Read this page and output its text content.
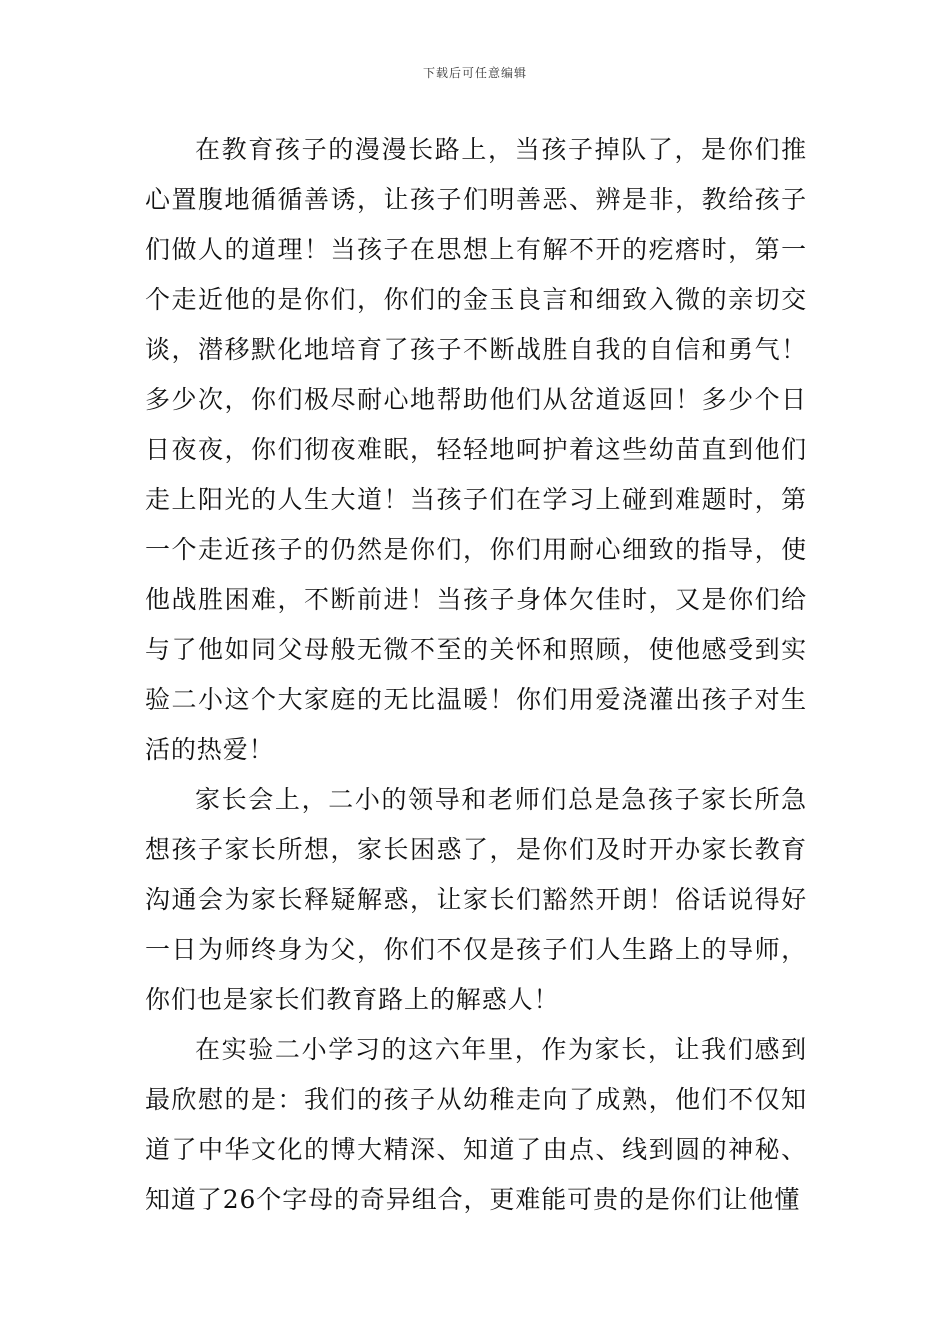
下载后可任意编辑

在教育孩子的漫漫长路上，当孩子掉队了，是你们推心置腹地循循善诱，让孩子们明善恶、辨是非，教给孩子们做人的道理！当孩子在思想上有解不开的疙瘩时，第一个走近他的是你们，你们的金玉良言和细致入微的亲切交谈，潜移默化地培育了孩子不断战胜自我的自信和勇气！多少次，你们极尽耐心地帮助他们从岔道返回！多少个日日夜夜，你们彻夜难眠，轻轻地呵护着这些幼苗直到他们走上阳光的人生大道！当孩子们在学习上碰到难题时，第一个走近孩子的仍然是你们，你们用耐心细致的指导，使他战胜困难，不断前进！当孩子身体欠佳时，又是你们给与了他如同父母般无微不至的关怀和照顾，使他感受到实验二小这个大家庭的无比温暖！你们用爱浇灌出孩子对生活的热爱！

家长会上，二小的领导和老师们总是急孩子家长所急想孩子家长所想，家长困惑了，是你们及时开办家长教育沟通会为家长释疑解惑，让家长们豁然开朗！俗话说得好一日为师终身为父，你们不仅是孩子们人生路上的导师，你们也是家长们教育路上的解惑人！

在实验二小学习的这六年里，作为家长，让我们感到最欣慰的是：我们的孩子从幼稚走向了成熟，他们不仅知道了中华文化的博大精深、知道了由点、线到圆的神秘、知道了26个字母的奇异组合，更难能可贵的是你们让他懂
